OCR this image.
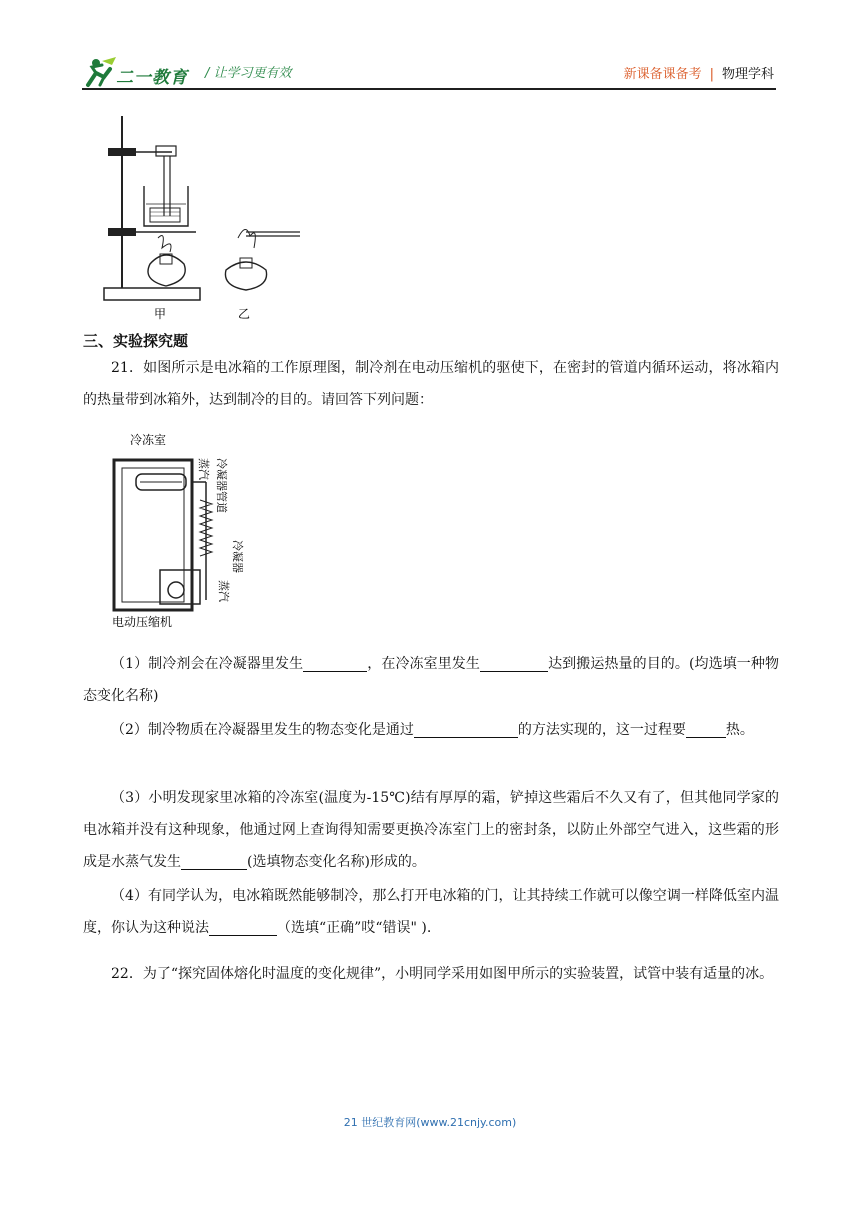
二一教育 / 让学习更有效	新课备课备考 | 物理学科
甲	乙
三、实验探究题
21．如图所示是电冰箱的工作原理图，制冷剂在电动压缩机的驱使下，在密封的管道内循环运动，将冰箱内的热量带到冰箱外，达到制冷的目的。请回答下列问题：
冷冻室
蒸汽 冷凝器管道
冷凝器
蒸汽
电动压缩机
（1）制冷剂会在冷凝器里发生	，在冷冻室里发生	达到搬运热量的目的。(均选填一种物态变化名称)
（2）制冷物质在冷凝器里发生的物态变化是通过	的方法实现的，这一过程要	热。
（3）小明发现家里冰箱的冷冻室(温度为-15℃)结有厚厚的霜，铲掉这些霜后不久又有了，但其他同学家的电冰箱并没有这种现象，他通过网上查询得知需要更换冷冻室门上的密封条，以防止外部空气进入，这些霜的形成是水蒸气发生	(选填物态变化名称)形成的。
（4）有同学认为，电冰箱既然能够制冷，那么打开电冰箱的门，让其持续工作就可以像空调一样降低室内温度，你认为这种说法	（选填“正确”哎“错误" ).
22．为了“探究固体熔化时温度的变化规律”，小明同学采用如图甲所示的实验装置，试管中装有适量的冰。
21 世纪教育网(www.21cnjy.com)
